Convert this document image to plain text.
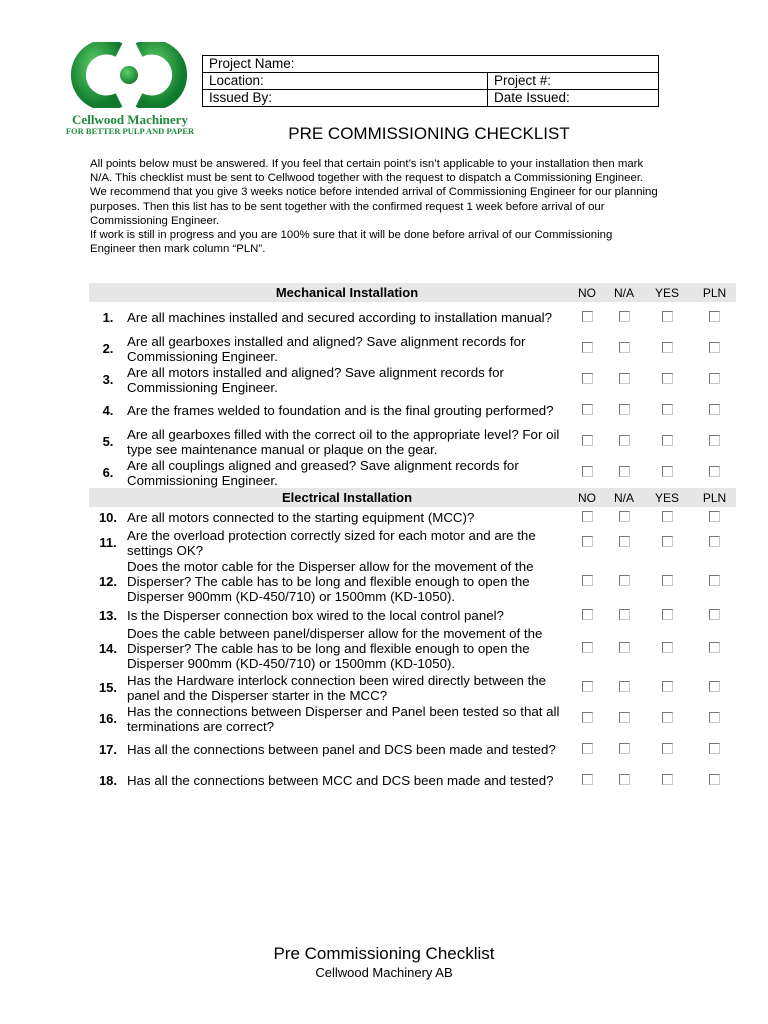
Cellwood Machinery
FOR BETTER PULP AND PAPER
Project Name:	
Location:	Project #:
Issued By:	Date Issued:
PRE COMMISSIONING CHECKLIST

All points below must be answered. If you feel that certain point’s isn’t applicable to your installation then mark N/A. This checklist must be sent to Cellwood together with the request to dispatch a Commissioning Engineer.

We recommend that you give 3 weeks notice before intended arrival of Commissioning Engineer for our planning purposes. Then this list has to be sent together with the confirmed request 1 week before arrival of our Commissioning Engineer.

If work is still in progress and you are 100% sure that it will be done before arrival of our Commissioning Engineer then mark column “PLN”.

	Mechanical Installation	NO	N/A	YES	PLN
1.	Are all machines installed and secured according to installation manual?				
2.	Are all gearboxes installed and aligned? Save alignment records for Commissioning Engineer.				
3.	Are all motors installed and aligned? Save alignment records for Commissioning Engineer.				
4.	Are the frames welded to foundation and is the final grouting performed?				
5.	Are all gearboxes filled with the correct oil to the appropriate level? For oil type see maintenance manual or plaque on the gear.				
6.	Are all couplings aligned and greased? Save alignment records for Commissioning Engineer.				
	Electrical Installation	NO	N/A	YES	PLN
10.	Are all motors connected to the starting equipment (MCC)?				
11.	Are the overload protection correctly sized for each motor and are the settings OK?				
12.	Does the motor cable for the Disperser allow for the movement of the Disperser? The cable has to be long and flexible enough to open the Disperser 900mm (KD-450/710) or 1500mm (KD-1050).				
13.	Is the Disperser connection box wired to the local control panel?				
14.	Does the cable between panel/disperser allow for the movement of the Disperser? The cable has to be long and flexible enough to open the Disperser 900mm (KD-450/710) or 1500mm (KD-1050).				
15.	Has the Hardware interlock connection been wired directly between the panel and the Disperser starter in the MCC?				
16.	Has the connections between Disperser and Panel been tested so that all terminations are correct?				
17.	Has all the connections between panel and DCS been made and tested?				
18.	Has all the connections between MCC and DCS been made and tested?				
Pre Commissioning Checklist
Cellwood Machinery AB
